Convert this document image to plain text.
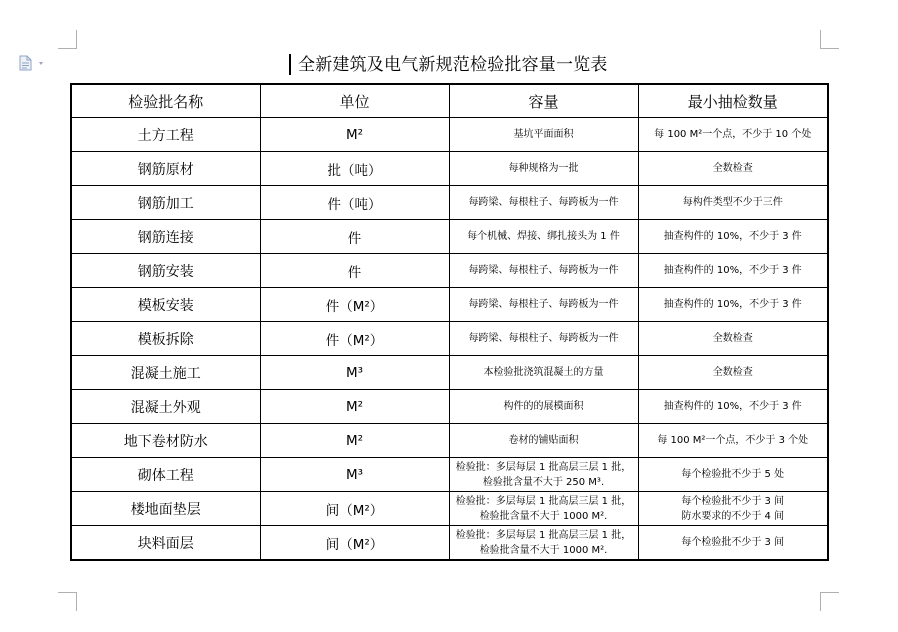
全新建筑及电气新规范检验批容量一览表
检验批名称	单位	容量	最小抽检数量
土方工程	M²	基坑平面面积	每 100 M²一个点，不少于 10 个处

钢筋原材	批（吨）	每种规格为一批	全数检查

钢筋加工	件（吨）	每跨梁、每根柱子、每跨板为一件	每构件类型不少于三件

钢筋连接	件	每个机械、焊接、绑扎接头为 1 件	抽查构件的 10%，不少于 3 件

钢筋安装	件	每跨梁、每根柱子、每跨板为一件	抽查构件的 10%，不少于 3 件

模板安装	件（M²）	每跨梁、每根柱子、每跨板为一件	抽查构件的 10%，不少于 3 件

模板拆除	件（M²）	每跨梁、每根柱子、每跨板为一件	全数检查

混凝土施工	M³	本检验批浇筑混凝土的方量	全数检查

混凝土外观	M²	构件的的展模面积	抽查构件的 10%，不少于 3 件

地下卷材防水	M²	卷材的铺贴面积	每 100 M²一个点，不少于 3 个处

砌体工程	M³	检验批：多层每层 1 批高层三层 1 批，
检验批含量不大于 250 M³.	每个检验批不少于 5 处

楼地面垫层	间（M²）	检验批：多层每层 1 批高层三层 1 批，
检验批含量不大于 1000 M².	每个检验批不少于 3 间
防水要求的不少于 4 间

块料面层	间（M²）	检验批：多层每层 1 批高层三层 1 批，
检验批含量不大于 1000 M².	每个检验批不少于 3 间
